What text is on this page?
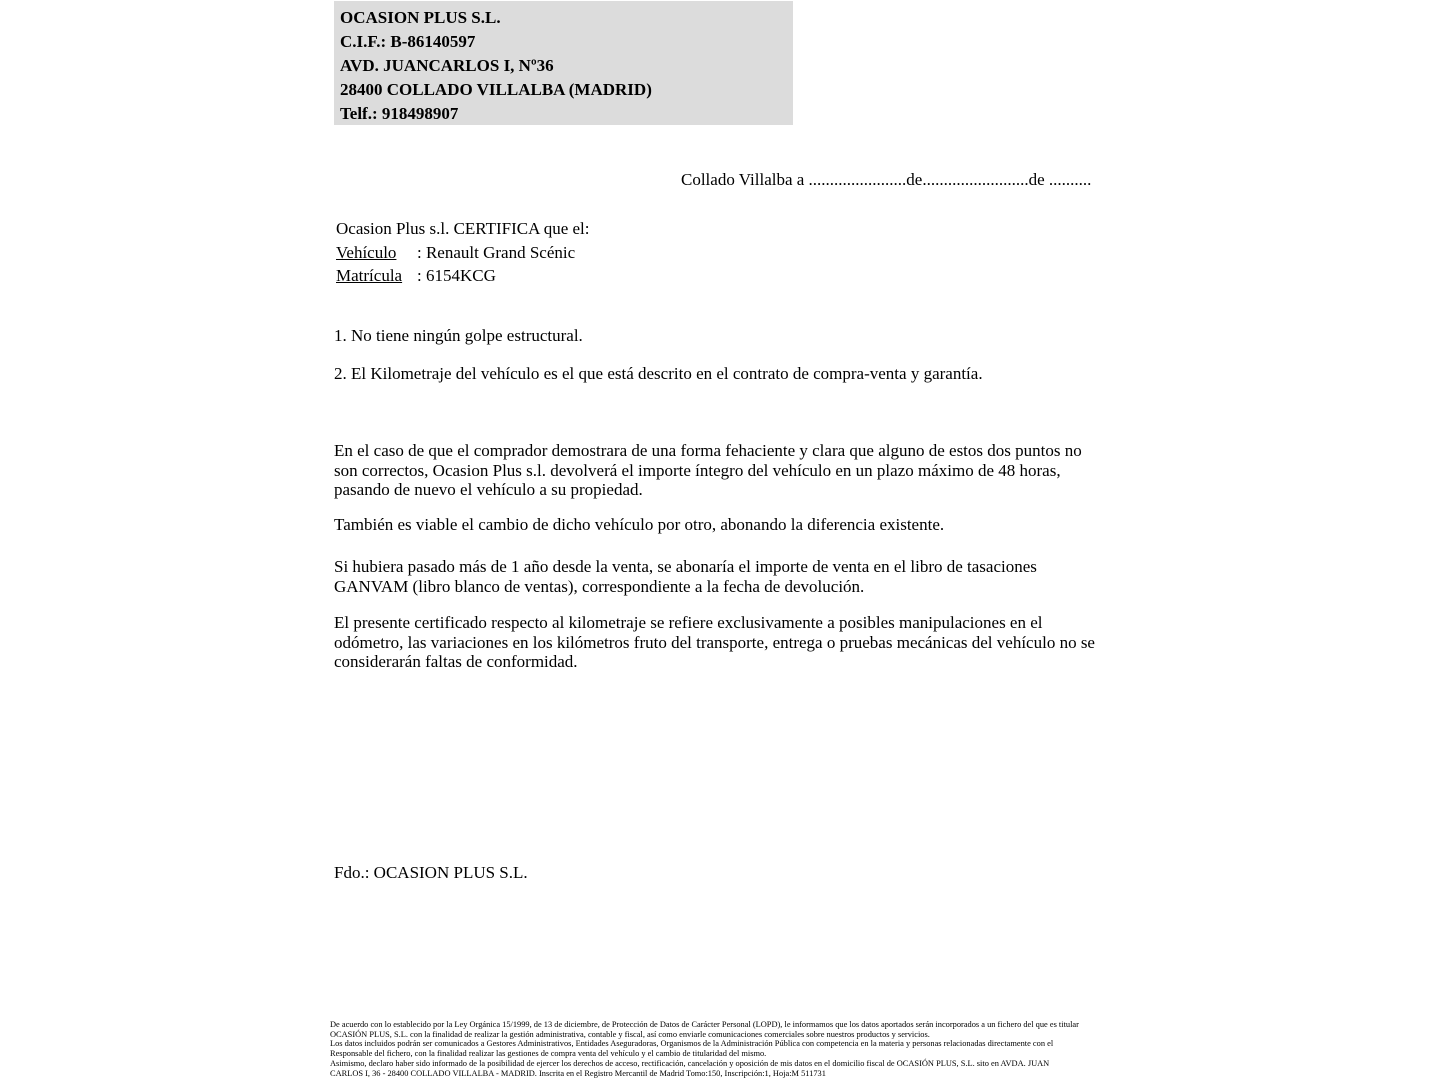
OCASION PLUS S.L.
C.I.F.: B-86140597
AVD. JUANCARLOS I, Nº36
28400 COLLADO VILLALBA (MADRID)
Telf.: 918498907
Collado Villalba a .......................de.........................de ..........
Ocasion Plus s.l. CERTIFICA que el:
Vehículo : Renault Grand Scénic
Matrícula : 6154KCG
1. No tiene ningún golpe estructural.
2. El Kilometraje del vehículo es el que está descrito en el contrato de compra-venta y garantía.
En el caso de que el comprador demostrara de una forma fehaciente y clara que alguno de estos dos puntos no son correctos, Ocasion Plus s.l. devolverá el importe íntegro del vehículo en un plazo máximo de 48 horas, pasando de nuevo el vehículo a su propiedad.
También es viable el cambio de dicho vehículo por otro, abonando la diferencia existente.
Si hubiera pasado más de 1 año desde la venta, se abonaría el importe de venta en el libro de tasaciones GANVAM (libro blanco de ventas), correspondiente a la fecha de devolución.
El presente certificado respecto al kilometraje se refiere exclusivamente a posibles manipulaciones en el odómetro, las variaciones en los kilómetros fruto del transporte, entrega o pruebas mecánicas del vehículo no se considerarán faltas de conformidad.
Fdo.: OCASION PLUS S.L.
De acuerdo con lo establecido por la Ley Orgánica 15/1999, de 13 de diciembre, de Protección de Datos de Carácter Personal (LOPD), le informamos que los datos aportados serán incorporados a un fichero del que es titular
OCASIÓN PLUS, S.L. con la finalidad de realizar la gestión administrativa, contable y fiscal, así como enviarle comunicaciones comerciales sobre nuestros productos y servicios.
Los datos incluidos podrán ser comunicados a Gestores Administrativos, Entidades Aseguradoras, Organismos de la Administración Pública con competencia en la materia y personas relacionadas directamente con el
Responsable del fichero, con la finalidad realizar las gestiones de compra venta del vehículo y el cambio de titularidad del mismo.
Asimismo, declaro haber sido informado de la posibilidad de ejercer los derechos de acceso, rectificación, cancelación y oposición de mis datos en el domicilio fiscal de OCASIÓN PLUS, S.L. sito en AVDA. JUAN
CARLOS I, 36 - 28400 COLLADO VILLALBA - MADRID. Inscrita en el Registro Mercantil de Madrid Tomo:150, Inscripción:1, Hoja:M 511731
